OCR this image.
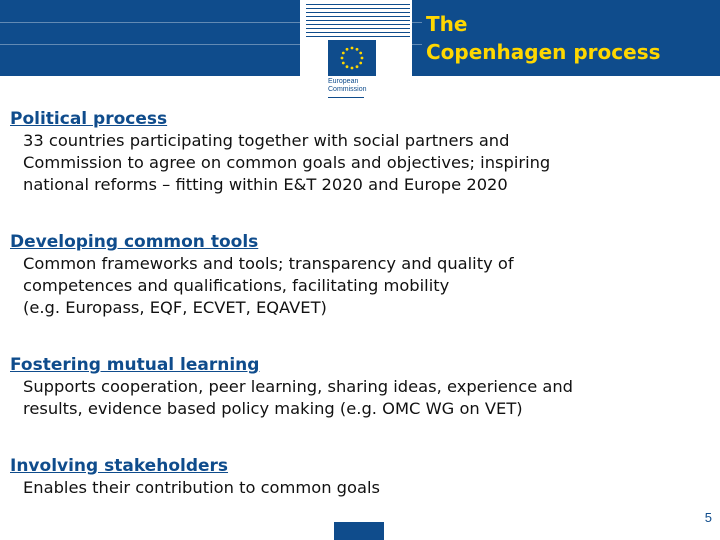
European
Commission
The
Copenhagen process
Political process
33 countries participating together with social partners and
Commission to agree on common goals and objectives; inspiring
national reforms – fitting within E&T 2020 and Europe 2020
Developing common tools
Common frameworks and tools; transparency and quality of
competences and qualifications, facilitating mobility
(e.g. Europass, EQF, ECVET, EQAVET)
Fostering mutual learning
Supports cooperation, peer learning, sharing ideas, experience and
results, evidence based policy making (e.g. OMC WG on VET)
Involving stakeholders
Enables their contribution to common goals
5
